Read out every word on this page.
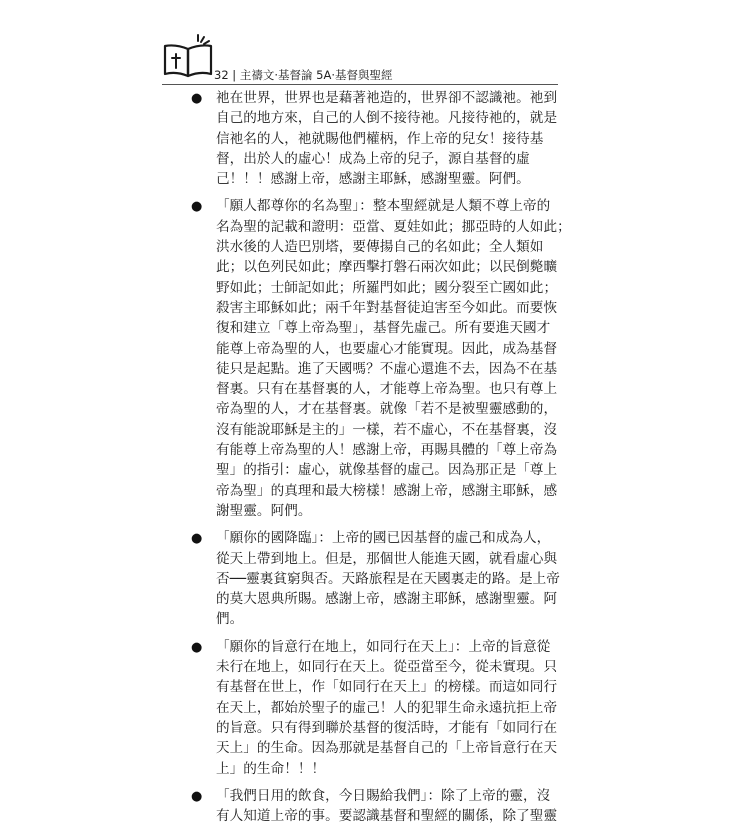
32 | 主禱文‧基督論 5A‧基督與聖經
●	祂在世界，世界也是藉著祂造的，世界卻不認識祂。祂到
自己的地方來，自己的人倒不接待祂。凡接待祂的，就是
信祂名的人，祂就賜他們權柄，作上帝的兒女！接待基
督，出於人的虛心！成為上帝的兒子，源自基督的虛
己！！！感謝上帝，感謝主耶穌，感謝聖靈。阿們。
●	「願人都尊你的名為聖」：整本聖經就是人類不尊上帝的
名為聖的記載和證明：亞當、夏娃如此；挪亞時的人如此；
洪水後的人造巴別塔，要傳揚自己的名如此；全人類如
此；以色列民如此；摩西擊打磐石兩次如此；以民倒斃曠
野如此；士師記如此；所羅門如此；國分裂至亡國如此；
殺害主耶穌如此；兩千年對基督徒迫害至今如此。而要恢
復和建立「尊上帝為聖」，基督先虛己。所有要進天國才
能尊上帝為聖的人，也要虛心才能實現。因此，成為基督
徒只是起點。進了天國嗎？不虛心還進不去，因為不在基
督裏。只有在基督裏的人，才能尊上帝為聖。也只有尊上
帝為聖的人，才在基督裏。就像「若不是被聖靈感動的，
沒有能說耶穌是主的」一樣，若不虛心，不在基督裏，沒
有能尊上帝為聖的人！感謝上帝，再賜具體的「尊上帝為
聖」的指引：虛心，就像基督的虛己。因為那正是「尊上
帝為聖」的真理和最大榜樣！感謝上帝，感謝主耶穌，感
謝聖靈。阿們。
●	「願你的國降臨」：上帝的國已因基督的虛己和成為人，
從天上帶到地上。但是，那個世人能進天國，就看虛心與
否──靈裏貧窮與否。天路旅程是在天國裏走的路。是上帝
的莫大恩典所賜。感謝上帝，感謝主耶穌，感謝聖靈。阿
們。
●	「願你的旨意行在地上，如同行在天上」：上帝的旨意從
未行在地上，如同行在天上。從亞當至今，從未實現。只
有基督在世上，作「如同行在天上」的榜樣。而這如同行
在天上，都始於聖子的虛己！人的犯罪生命永遠抗拒上帝
的旨意。只有得到聯於基督的復活時，才能有「如同行在
天上」的生命。因為那就是基督自己的「上帝旨意行在天
上」的生命！！！
●	「我們日用的飲食，今日賜給我們」：除了上帝的靈，沒
有人知道上帝的事。要認識基督和聖經的關係，除了聖靈
